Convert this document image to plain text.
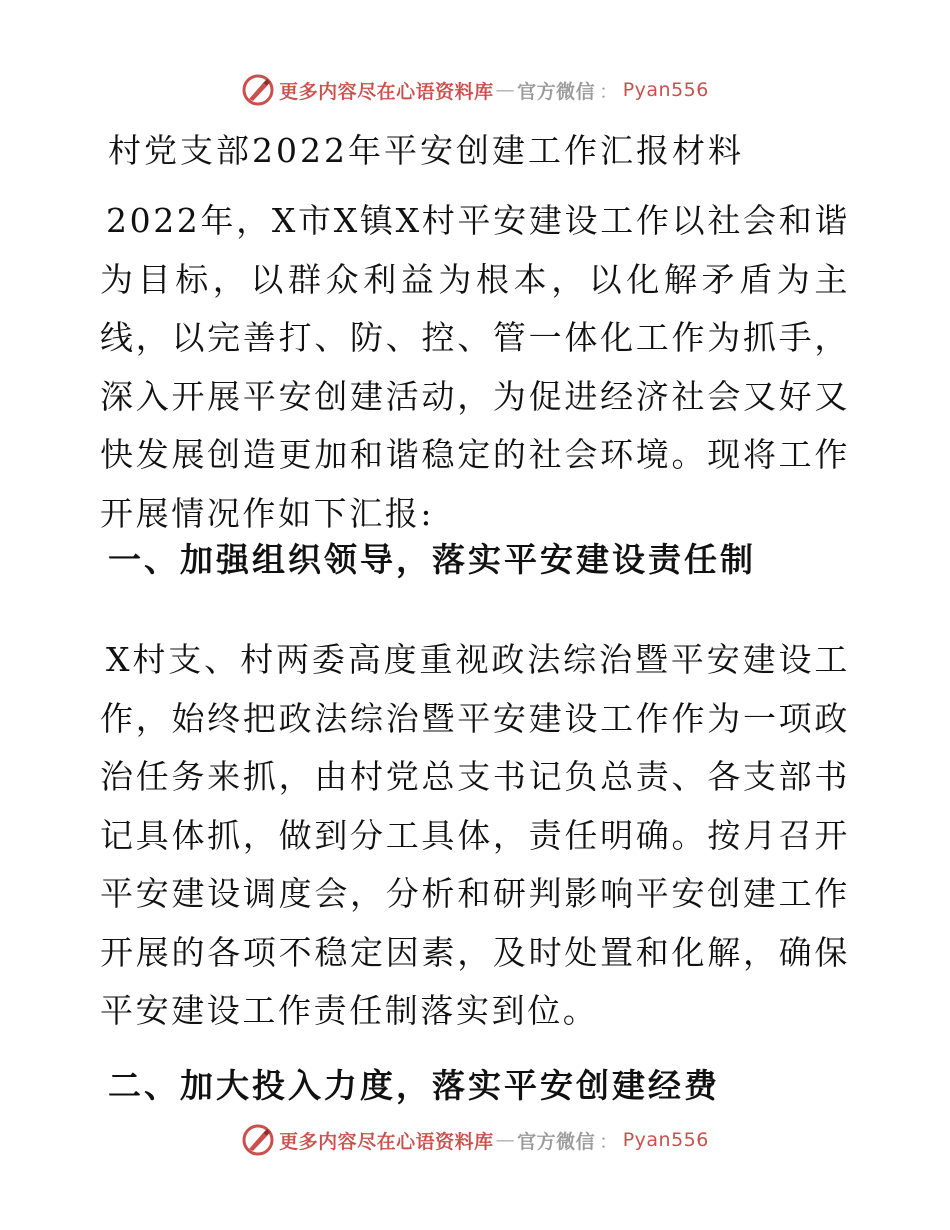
更多内容尽在心语资料库 — 官方微信 ： Pyan556
村党支部2022年平安创建工作汇报材料

2022年，X市X镇X村平安建设工作以社会和谐为目标，以群众利益为根本，以化解矛盾为主线，以完善打、防、控、管一体化工作为抓手，深入开展平安创建活动，为促进经济社会又好又快发展创造更加和谐稳定的社会环境。现将工作开展情况作如下汇报:

一、加强组织领导，落实平安建设责任制

X村支、村两委高度重视政法综治暨平安建设工作，始终把政法综治暨平安建设工作作为一项政治任务来抓，由村党总支书记负总责、各支部书记具体抓，做到分工具体，责任明确。按月召开平安建设调度会，分析和研判影响平安创建工作开展的各项不稳定因素，及时处置和化解，确保平安建设工作责任制落实到位。

二、加大投入力度，落实平安创建经费
更多内容尽在心语资料库 — 官方微信 ： Pyan556
